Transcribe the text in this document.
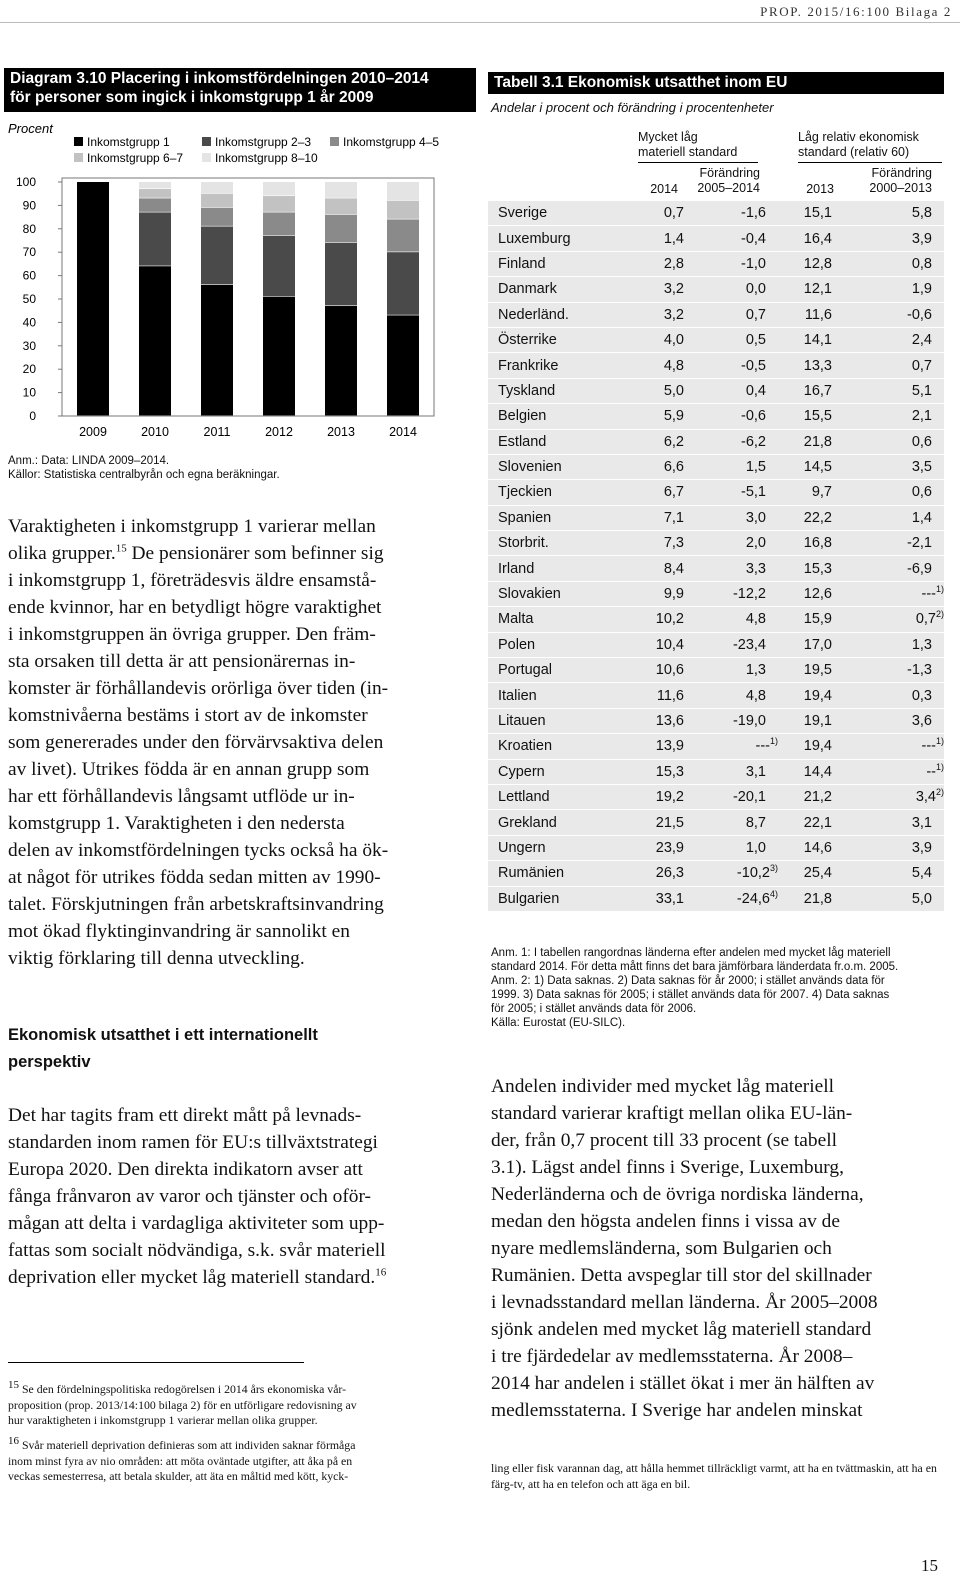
PROP. 2015/16:100 Bilaga 2
Diagram 3.10 Placering i inkomstfördelningen 2010–2014
för personer som ingick i inkomstgrupp 1 år 2009
Procent
Inkomstgrupp 1	Inkomstgrupp 2–3	Inkomstgrupp 4–5
Inkomstgrupp 6–7	Inkomstgrupp 8–10
0
10
20
30
40
50
60
70
80
90
100
2009	2010	2011	2012	2013	2014
Anm.: Data: LINDA 2009–2014.
Källor: Statistiska centralbyrån och egna beräkningar.
Varaktigheten i inkomstgrupp 1 varierar mellan
olika grupper.$^{15}$ De pensionärer som befinner sig
i inkomstgrupp 1, företrädesvis äldre ensamstå-
ende kvinnor, har en betydligt högre varaktighet
i inkomstgruppen än övriga grupper. Den främ-
sta orsaken till detta är att pensionärernas in-
komster är förhållandevis orörliga över tiden (in-
komstnivåerna bestäms i stort av de inkomster
som genererades under den förvärvsaktiva delen
av livet). Utrikes födda är en annan grupp som
har ett förhållandevis långsamt utflöde ur in-
komstgrupp 1. Varaktigheten i den nedersta
delen av inkomstfördelningen tycks också ha ök-
at något för utrikes födda sedan mitten av 1990-
talet. Förskjutningen från arbetskraftsinvandring
mot ökad flyktinginvandring är sannolikt en
viktig förklaring till denna utveckling.
Ekonomisk utsatthet i ett internationellt
perspektiv
Det har tagits fram ett direkt mått på levnads-
standarden inom ramen för EU:s tillväxtstrategi
Europa 2020. Den direkta indikatorn avser att
fånga frånvaron av varor och tjänster och oför-
mågan att delta i vardagliga aktiviteter som upp-
fattas som socialt nödvändiga, s.k. svår materiell
deprivation eller mycket låg materiell standard.$^{16}$
$^{15}$ Se den fördelningspolitiska redogörelsen i 2014 års ekonomiska vår-
proposition (prop. 2013/14:100 bilaga 2) för en utförligare redovisning av
hur varaktigheten i inkomstgrupp 1 varierar mellan olika grupper.
$^{16}$ Svår materiell deprivation definieras som att individen saknar förmåga
inom minst fyra av nio områden: att möta oväntade utgifter, att åka på en
veckas semesterresa, att betala skulder, att äta en måltid med kött, kyck-
Tabell 3.1 Ekonomisk utsatthet inom EU
Andelar i procent och förändring i procentenheter
Mycket låg
materiell standard
Låg relativ ekonomisk
standard (relativ 60)
2014
Förändring
2005–2014	2013
Förändring
2000–2013
Sverige	0,7	-1,6	15,1	5,8
Luxemburg	1,4	-0,4	16,4	3,9
Finland	2,8	-1,0	12,8	0,8
Danmark	3,2	0,0	12,1	1,9
Nederländ.	3,2	0,7	11,6	-0,6
Österrike	4,0	0,5	14,1	2,4
Frankrike	4,8	-0,5	13,3	0,7
Tyskland	5,0	0,4	16,7	5,1
Belgien	5,9	-0,6	15,5	2,1
Estland	6,2	-6,2	21,8	0,6
Slovenien	6,6	1,5	14,5	3,5
Tjeckien	6,7	-5,1	9,7	0,6
Spanien	7,1	3,0	22,2	1,4
Storbrit.	7,3	2,0	16,8	-2,1
Irland	8,4	3,3	15,3	-6,9
Slovakien	9,9	-12,2	12,6	---$^{1)}$
Malta	10,2	4,8	15,9	0,7$^{2)}$
Polen	10,4	-23,4	17,0	1,3
Portugal	10,6	1,3	19,5	-1,3
Italien	11,6	4,8	19,4	0,3
Litauen	13,6	-19,0	19,1	3,6
Kroatien	13,9	---$^{1)}$	19,4	---$^{1)}$
Cypern	15,3	3,1	14,4	--$^{1)}$
Lettland	19,2	-20,1	21,2	3,4$^{2)}$
Grekland	21,5	8,7	22,1	3,1
Ungern	23,9	1,0	14,6	3,9
Rumänien	26,3	-10,2$^{3)}$	25,4	5,4
Bulgarien	33,1	-24,6$^{4)}$	21,8	5,0
Anm. 1: I tabellen rangordnas länderna efter andelen med mycket låg materiell
standard 2014. För detta mått finns det bara jämförbara länderdata fr.o.m. 2005.
Anm. 2: 1) Data saknas. 2) Data saknas för år 2000; i stället används data för
1999. 3) Data saknas för 2005; i stället används data för 2007. 4) Data saknas
för 2005; i stället används data för 2006.
Källa: Eurostat (EU-SILC).
Andelen individer med mycket låg materiell
standard varierar kraftigt mellan olika EU-län-
der, från 0,7 procent till 33 procent (se tabell
3.1). Lägst andel finns i Sverige, Luxemburg,
Nederländerna och de övriga nordiska länderna,
medan den högsta andelen finns i vissa av de
nyare medlemsländerna, som Bulgarien och
Rumänien. Detta avspeglar till stor del skillnader
i levnadsstandard mellan länderna. År 2005–2008
sjönk andelen med mycket låg materiell standard
i tre fjärdedelar av medlemsstaterna. År 2008–
2014 har andelen i stället ökat i mer än hälften av
medlemsstaterna. I Sverige har andelen minskat
ling eller fisk varannan dag, att hålla hemmet tillräckligt varmt, att ha en tvättmaskin, att ha en färg-tv, att ha en telefon och att äga en bil.
15
